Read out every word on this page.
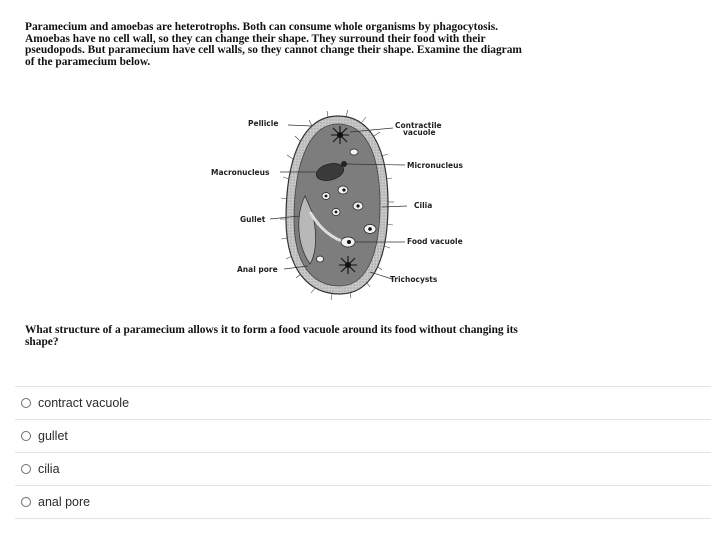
Paramecium and amoebas are heterotrophs. Both can consume whole organisms by phagocytosis.

Amoebas have no cell wall, so they can change their shape. They surround their food with their

pseudopods. But paramecium have cell walls, so they cannot change their shape. Examine the diagram

of the paramecium below.

Pellicle	Contractile
vacuole
Macronucleus
Micronucleus
Cilia
Gullet
Food vacuole
Anal pore
Trichocysts

What structure of a paramecium allows it to form a food vacuole around its food without changing its

shape?

contract vacuole
gullet
cilia
anal pore
